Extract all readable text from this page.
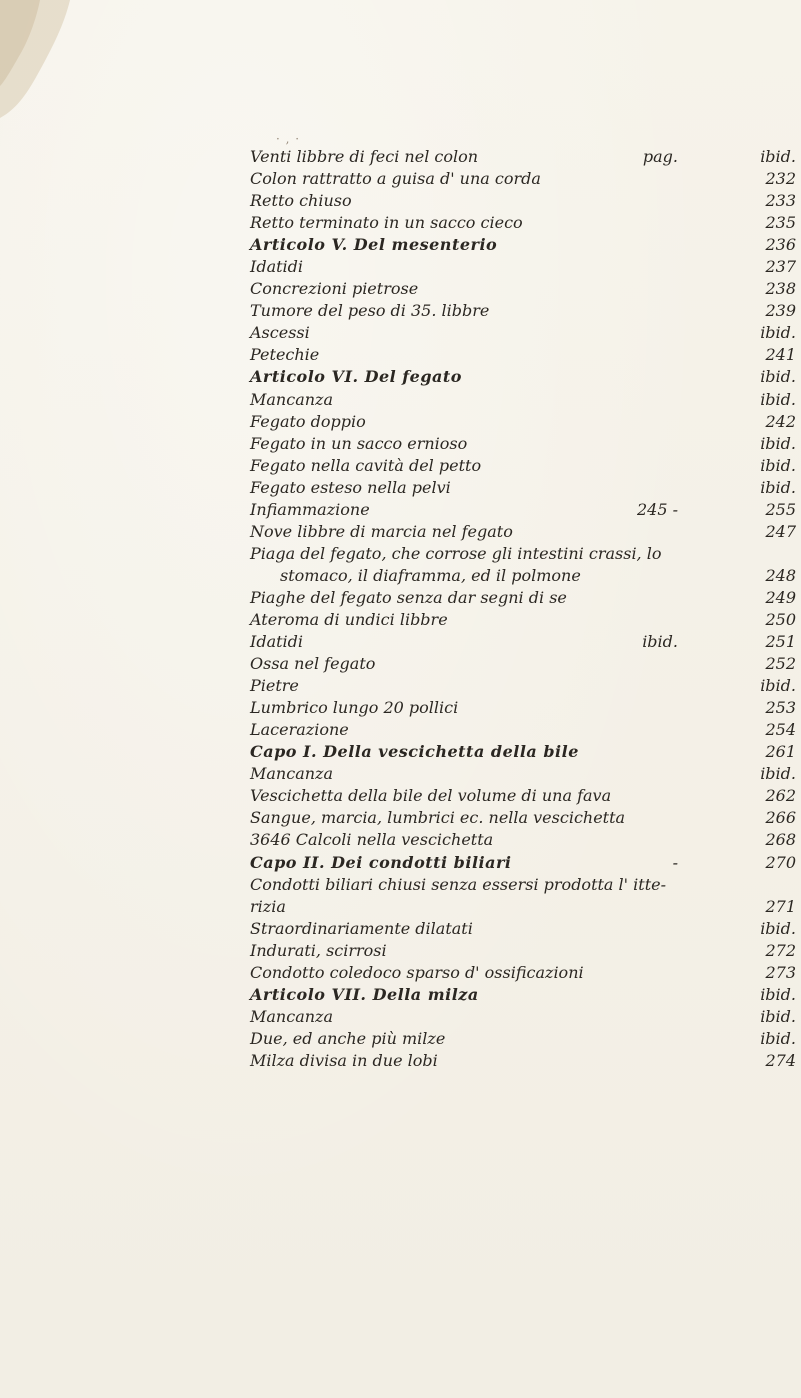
· , ·
Venti libbre di feci nel colon	pag.	ibid.
Colon rattratto a guisa d' una corda	232
Retto chiuso	233
Retto terminato in un sacco cieco	235
Articolo V. Del mesenterio	236
Idatidi	237
Concrezioni pietrose	238
Tumore del peso di 35. libbre	239
Ascessi	ibid.
Petechie	241
Articolo VI. Del fegato	ibid.
Mancanza	ibid.
Fegato doppio	242
Fegato in un sacco ernioso	ibid.
Fegato nella cavità del petto	ibid.
Fegato esteso nella pelvi	ibid.
Infiammazione	245 -	255
Nove libbre di marcia nel fegato	247
Piaga del fegato, che corrose gli intestini crassi, lo
stomaco, il diaframma, ed il polmone	248
Piaghe del fegato senza dar segni di se	249
Ateroma di undici libbre	250
Idatidi	ibid.	251
Ossa nel fegato	252
Pietre	ibid.
Lumbrico lungo 20 pollici	253
Lacerazione	254
Capo I. Della vescichetta della bile	261
Mancanza	ibid.
Vescichetta della bile del volume di una fava	262
Sangue, marcia, lumbrici ec. nella vescichetta	266
3646 Calcoli nella vescichetta	268
Capo II. Dei condotti biliari	-	270
Condotti biliari chiusi senza essersi prodotta l' itte-
rizia	271
Straordinariamente dilatati	ibid.
Indurati, scirrosi	272
Condotto coledoco sparso d' ossificazioni	273
Articolo VII. Della milza	ibid.
Mancanza	ibid.
Due, ed anche più milze	ibid.
Milza divisa in due lobi	274
